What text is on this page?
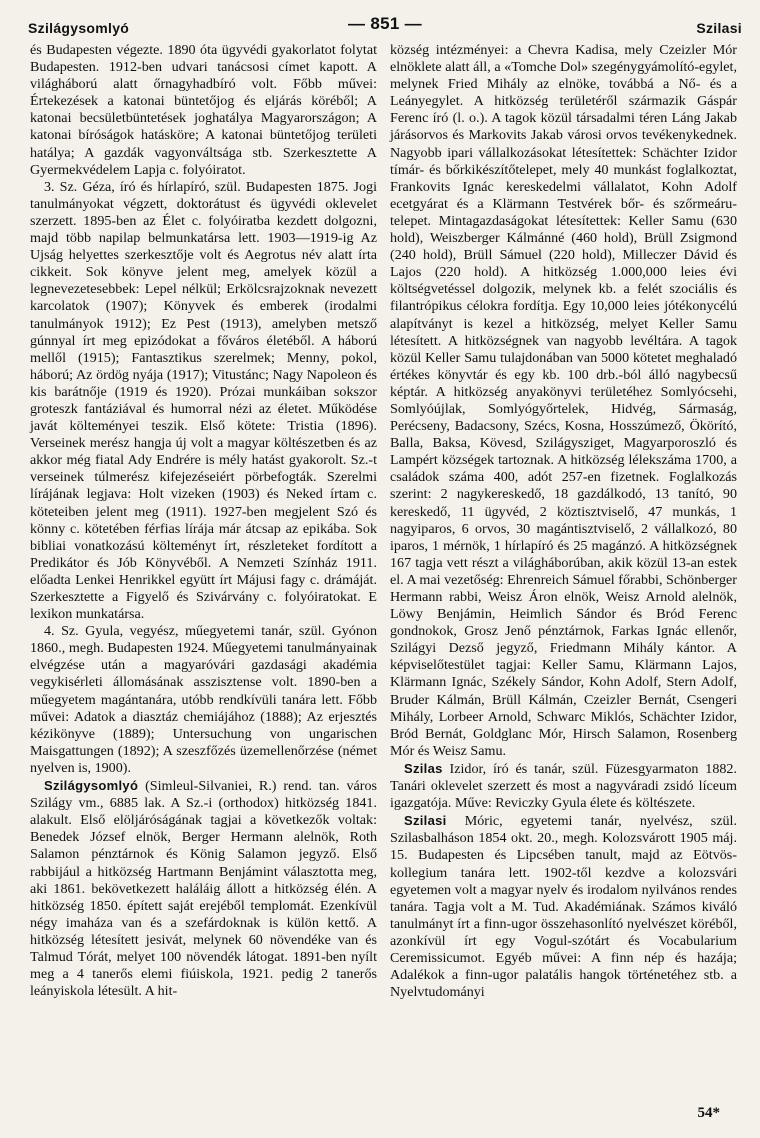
Szilágysomlyó	— 851 —	Szilasi

és Budapesten végezte. 1890 óta ügyvédi gyakorlatot folytat Budapesten. 1912-ben udvari tanácsosi címet kapott. A világháború alatt őrnagyhadbíró volt. Főbb művei: Értekezések a katonai büntetőjog és eljárás köréből; A katonai becsületbüntetések joghatálya Magyarországon; A katonai bíróságok hatásköre; A katonai büntetőjog területi hatálya; A gazdák vagyonváltsága stb. Szerkesztette A Gyermekvédelem Lapja c. folyóiratot.

3. Sz. Géza, író és hírlapíró, szül. Budapesten 1875. Jogi tanulmányokat végzett, doktorátust és ügyvédi oklevelet szerzett. 1895-ben az Élet c. folyóiratba kezdett dolgozni, majd több napilap belmunkatársa lett. 1903—1919-ig Az Ujság helyettes szerkesztője volt és Aegrotus név alatt írta cikkeit. Sok könyve jelent meg, amelyek közül a legnevezetesebbek: Lepel nélkül; Erkölcsrajzoknak nevezett karcolatok (1907); Könyvek és emberek (irodalmi tanulmányok 1912); Ez Pest (1913), amelyben metsző gúnnyal írt meg epizódokat a főváros életéből. A háború mellől (1915); Fantasztikus szerelmek; Menny, pokol, háború; Az ördög nyája (1917); Vitustánc; Nagy Napoleon és kis barátnője (1919 és 1920). Prózai munkáiban sokszor groteszk fantáziával és humorral nézi az életet. Működése javát költeményei teszik. Első kötete: Tristia (1896). Verseinek merész hangja új volt a magyar költészetben és az akkor még fiatal Ady Endrére is mély hatást gyakorolt. Sz.-t verseinek túlmerész kifejezéseiért pörbefogták. Szerelmi lírájának legjava: Holt vizeken (1903) és Neked írtam c. köteteiben jelent meg (1911). 1927-ben megjelent Szó és könny c. kötetében férfias lírája már átcsap az epikába. Sok bibliai vonatkozású költeményt írt, részleteket fordított a Predikátor és Jób Könyvéből. A Nemzeti Színház 1911. előadta Lenkei Henrikkel együtt írt Májusi fagy c. drámáját. Szerkesztette a Figyelő és Szivárvány c. folyóiratokat. E lexikon munkatársa.

4. Sz. Gyula, vegyész, műegyetemi tanár, szül. Gyónon 1860., megh. Budapesten 1924. Műegyetemi tanulmányainak elvégzése után a magyaróvári gazdasági akadémia vegykisérleti állomásának asszisztense volt. 1890-ben a műegyetem magántanára, utóbb rendkívüli tanára lett. Főbb művei: Adatok a diasztáz chemiájához (1888); Az erjesztés kézikönyve (1889); Untersuchung von ungarischen Maisgattungen (1892); A szeszfőzés üzemellenőrzése (német nyelven is, 1900).

Szilágysomlyó (Simleul-Silvaniei, R.) rend. tan. város Szilágy vm., 6885 lak. A Sz.-i (orthodox) hitközség 1841. alakult. Első elöljáróságának tagjai a következők voltak: Benedek József elnök, Berger Hermann alelnök, Roth Salamon pénztárnok és König Salamon jegyző. Első rabbijául a hitközség Hartmann Benjámint választotta meg, aki 1861. bekövetkezett haláláig állott a hitközség élén. A hitközség 1850. épített saját erejéből templomát. Ezenkívül négy imaháza van és a szefárdoknak is külön kettő. A hitközség létesített jesivát, melynek 60 növendéke van és Talmud Tórát, melyet 100 növendék látogat. 1891-ben nyílt meg a 4 tanerős elemi fiúiskola, 1921. pedig 2 tanerős leányiskola létesült. A hit-

község intézményei: a Chevra Kadisa, mely Czeizler Mór elnöklete alatt áll, a «Tomche Dol» szegénygyámolító-egylet, melynek Fried Mihály az elnöke, továbbá a Nő- és a Leányegylet. A hitközség területéről származik Gáspár Ferenc író (l. o.). A tagok közül társadalmi téren Láng Jakab járásorvos és Markovits Jakab városi orvos tevékenykednek. Nagyobb ipari vállalkozásokat létesítettek: Schächter Izidor tímár- és bőrkikészítőtelepet, mely 40 munkást foglalkoztat, Frankovits Ignác kereskedelmi vállalatot, Kohn Adolf ecetgyárat és a Klärmann Testvérek bőr- és szőrmeáru-telepet. Mintagazdaságokat létesítettek: Keller Samu (630 hold), Weiszberger Kálmánné (460 hold), Brüll Zsigmond (240 hold), Brüll Sámuel (220 hold), Milleczer Dávid és Lajos (220 hold). A hitközség 1.000,000 leies évi költségvetéssel dolgozik, melynek kb. a felét szociális és filantrópikus célokra fordítja. Egy 10,000 leies jótékonycélú alapítványt is kezel a hitközség, melyet Keller Samu létesített. A hitközségnek van nagyobb levéltára. A tagok közül Keller Samu tulajdonában van 5000 kötetet meghaladó értékes könyvtár és egy kb. 100 drb.-ból álló nagybecsű képtár. A hitközség anyakönyvi területéhez Somlyócsehi, Somlyóújlak, Somlyógyőrtelek, Hidvég, Sármaság, Perécseny, Badacsony, Szécs, Kosna, Hosszúmező, Ökörító, Balla, Baksa, Kövesd, Szilágysziget, Magyarporoszló és Lampért községek tartoznak. A hitközség lélekszáma 1700, a családok száma 400, adót 257-en fizetnek. Foglalkozás szerint: 2 nagykereskedő, 18 gazdálkodó, 13 tanító, 90 kereskedő, 11 ügyvéd, 2 köztisztviselő, 47 munkás, 1 nagyiparos, 6 orvos, 30 magántisztviselő, 2 vállalkozó, 80 iparos, 1 mérnök, 1 hírlapíró és 25 magánzó. A hitközségnek 167 tagja vett részt a világháborúban, akik közül 13-an estek el. A mai vezetőség: Ehrenreich Sámuel főrabbi, Schönberger Hermann rabbi, Weisz Áron elnök, Weisz Arnold alelnök, Löwy Benjámin, Heimlich Sándor és Bród Ferenc gondnokok, Grosz Jenő pénztárnok, Farkas Ignác ellenőr, Szilágyi Dezső jegyző, Friedmann Mihály kántor. A képviselőtestület tagjai: Keller Samu, Klärmann Lajos, Klärmann Ignác, Székely Sándor, Kohn Adolf, Stern Adolf, Bruder Kálmán, Brüll Kálmán, Czeizler Bernát, Csengeri Mihály, Lorbeer Arnold, Schwarc Miklós, Schächter Izidor, Bród Bernát, Goldglanc Mór, Hirsch Salamon, Rosenberg Mór és Weisz Samu.

Szilas Izidor, író és tanár, szül. Füzesgyarmaton 1882. Tanári oklevelet szerzett és most a nagyváradi zsidó líceum igazgatója. Műve: Reviczky Gyula élete és költészete.

Szilasi Móric, egyetemi tanár, nyelvész, szül. Szilasbalháson 1854 okt. 20., megh. Kolozsvárott 1905 máj. 15. Budapesten és Lipcsében tanult, majd az Eötvös-kollegium tanára lett. 1902-től kezdve a kolozsvári egyetemen volt a magyar nyelv és irodalom nyilvános rendes tanára. Tagja volt a M. Tud. Akadémiának. Számos kiváló tanulmányt írt a finn-ugor összehasonlító nyelvészet köréből, azonkívül írt egy Vogul-szótárt és Vocabularium Ceremissicumot. Egyéb művei: A finn nép és hazája; Adalékok a finn-ugor palatális hangok történetéhez stb. a Nyelvtudományi

54*
